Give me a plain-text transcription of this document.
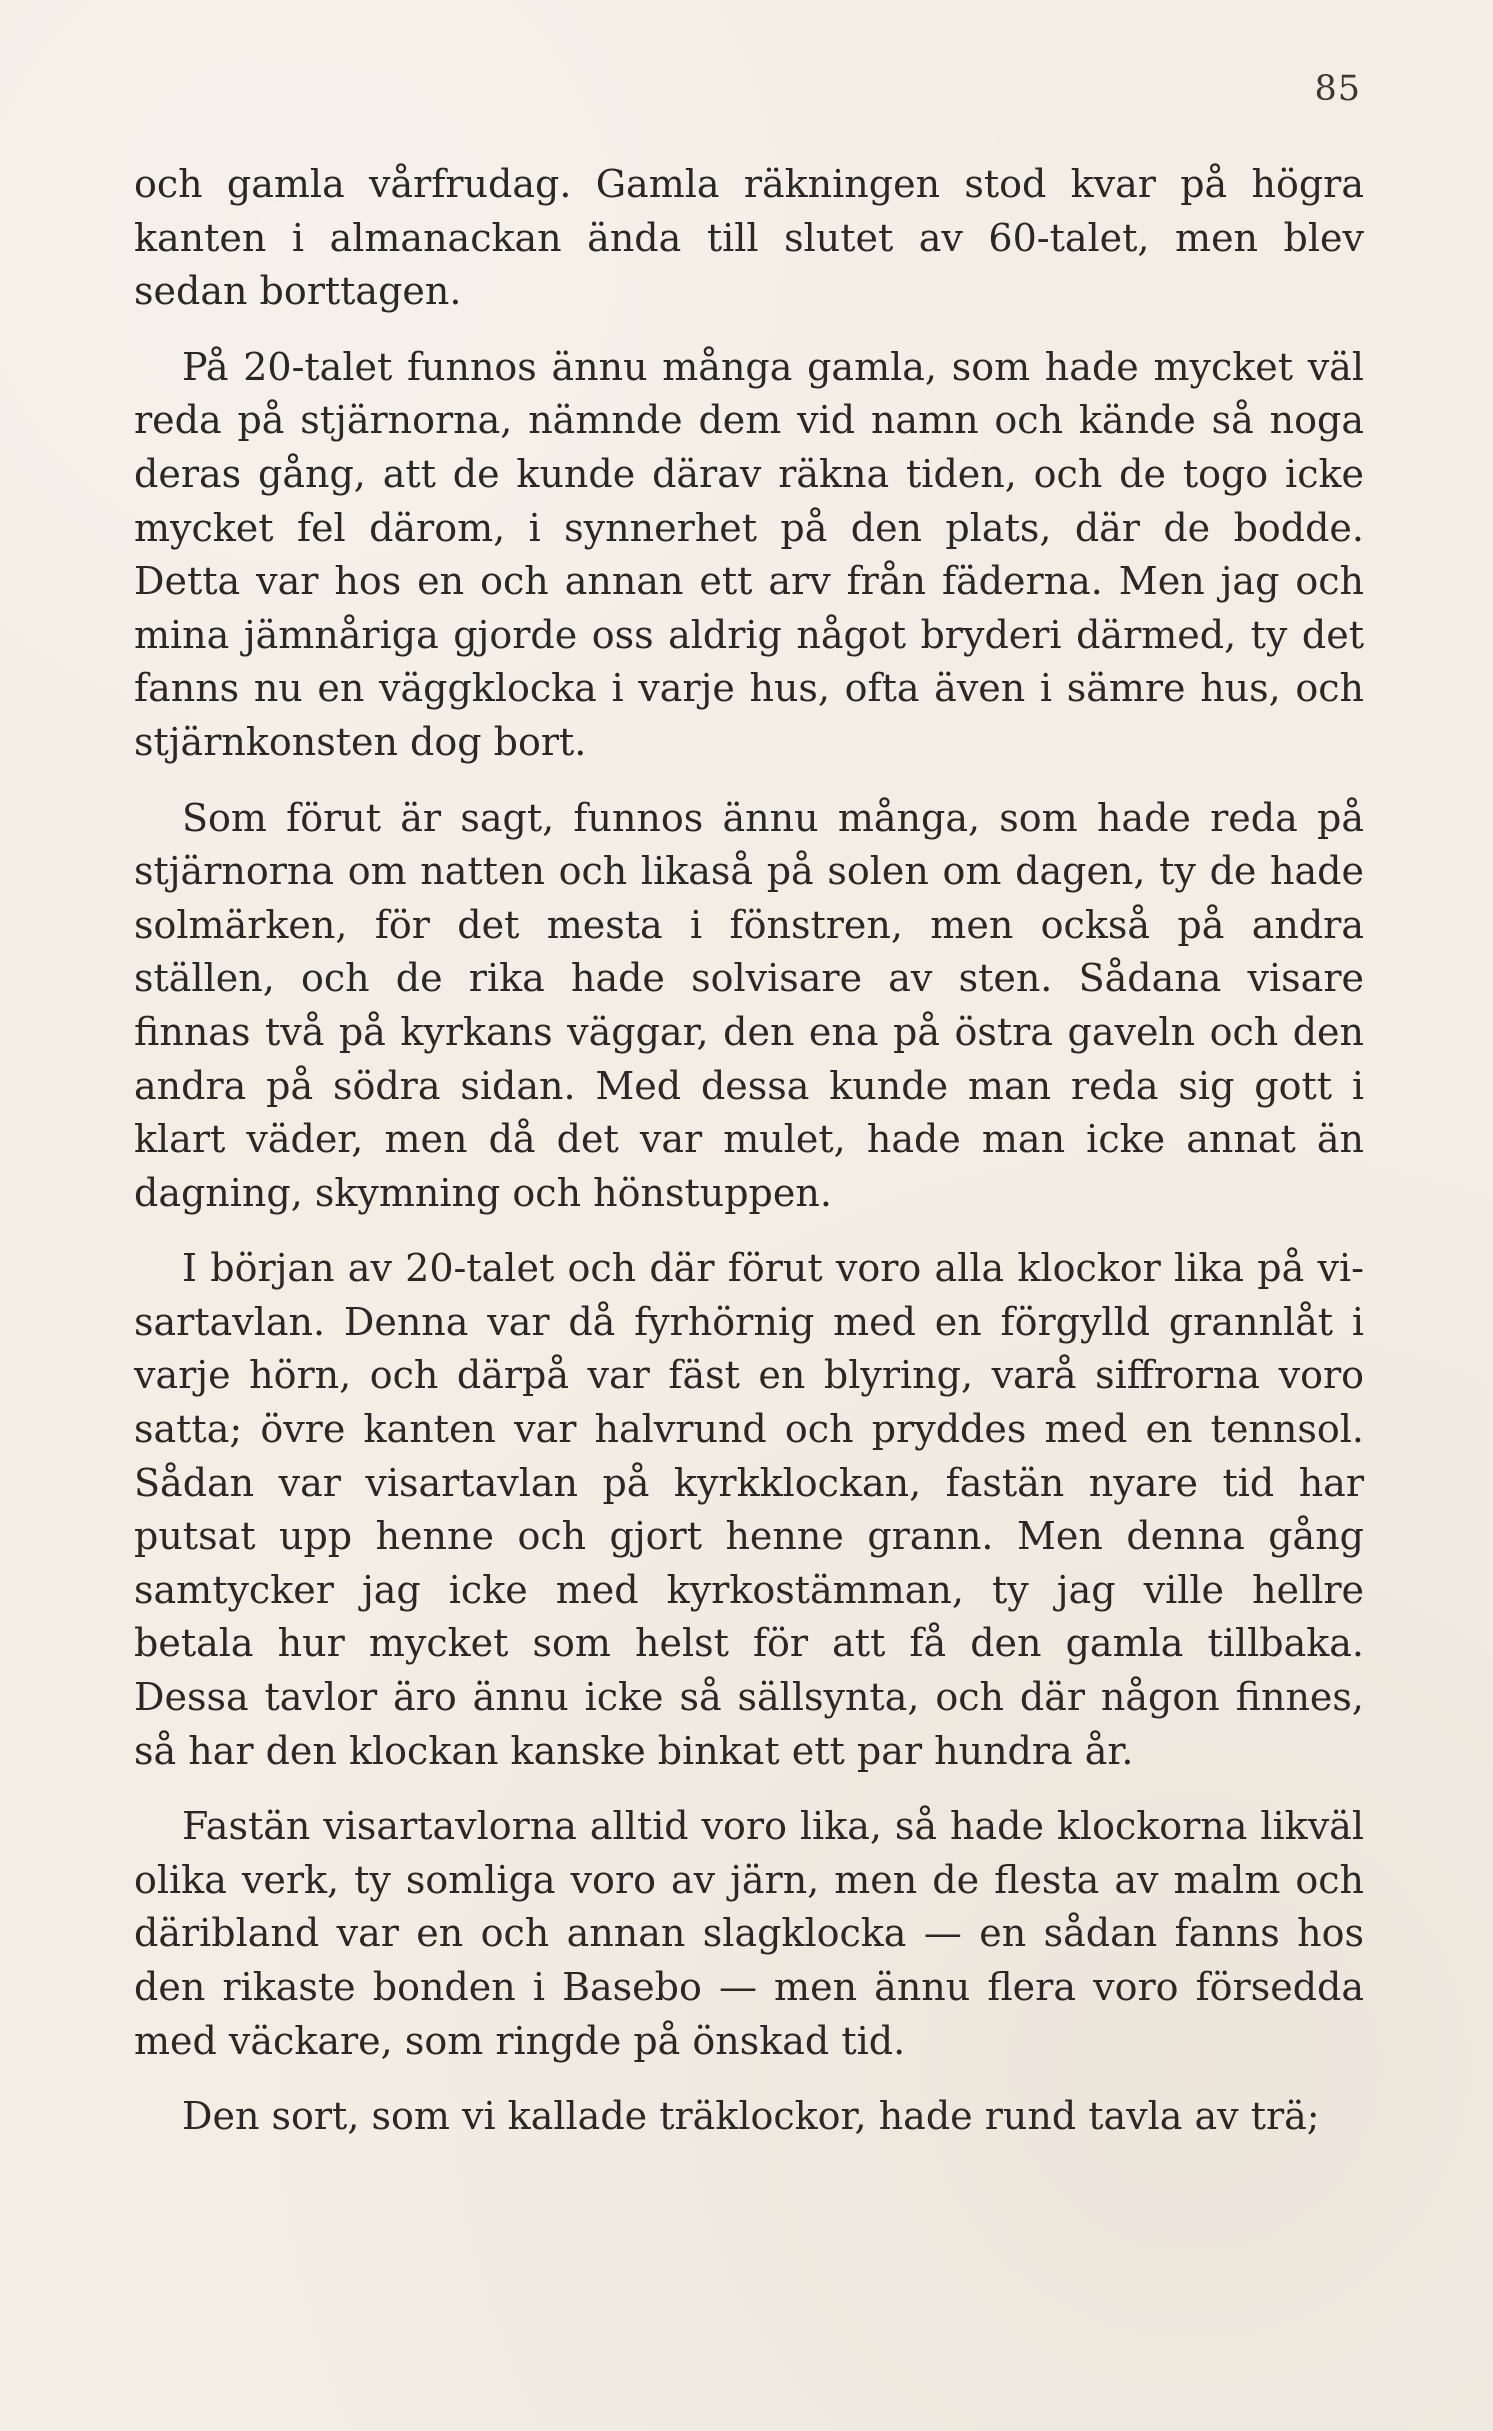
85

och gamla vårfrudag. Gamla räkningen stod kvar på högra kanten i almanackan ända till slutet av 60-talet, men blev sedan borttagen.

På 20-talet funnos ännu många gamla, som hade mycket väl reda på stjärnorna, nämnde dem vid namn och kände så noga deras gång, att de kunde därav räkna tiden, och de togo icke mycket fel därom, i synnerhet på den plats, där de bodde. Detta var hos en och annan ett arv från fäderna. Men jag och mina jämnåriga gjorde oss aldrig något bryderi därmed, ty det fanns nu en väggklocka i varje hus, ofta även i sämre hus, och stjärnkonsten dog bort.

Som förut är sagt, funnos ännu många, som hade reda på stjärnorna om natten och likaså på solen om dagen, ty de hade solmärken, för det mesta i fönstren, men också på andra ställen, och de rika hade solvisare av sten. Sådana visare finnas två på kyrkans väggar, den ena på östra gaveln och den andra på södra sidan. Med dessa kunde man reda sig gott i klart väder, men då det var mulet, hade man icke annat än dagning, skymning och hönstuppen.

I början av 20-talet och där förut voro alla klockor lika på visartavlan. Denna var då fyrhörnig med en förgylld grannlåt i varje hörn, och därpå var fäst en blyring, varå siffrorna voro satta; övre kanten var halvrund och pryddes med en tennsol. Sådan var visartavlan på kyrkklockan, fastän nyare tid har putsat upp henne och gjort henne grann. Men denna gång samtycker jag icke med kyrkostämman, ty jag ville hellre betala hur mycket som helst för att få den gamla tillbaka. Dessa tavlor äro ännu icke så sällsynta, och där någon finnes, så har den klockan kanske binkat ett par hundra år.

Fastän visartavlorna alltid voro lika, så hade klockorna likväl olika verk, ty somliga voro av järn, men de flesta av malm och däribland var en och annan slagklocka — en sådan fanns hos den rikaste bonden i Basebo — men ännu flera voro försedda med väckare, som ringde på önskad tid.

Den sort, som vi kallade träklockor, hade rund tavla av trä;
